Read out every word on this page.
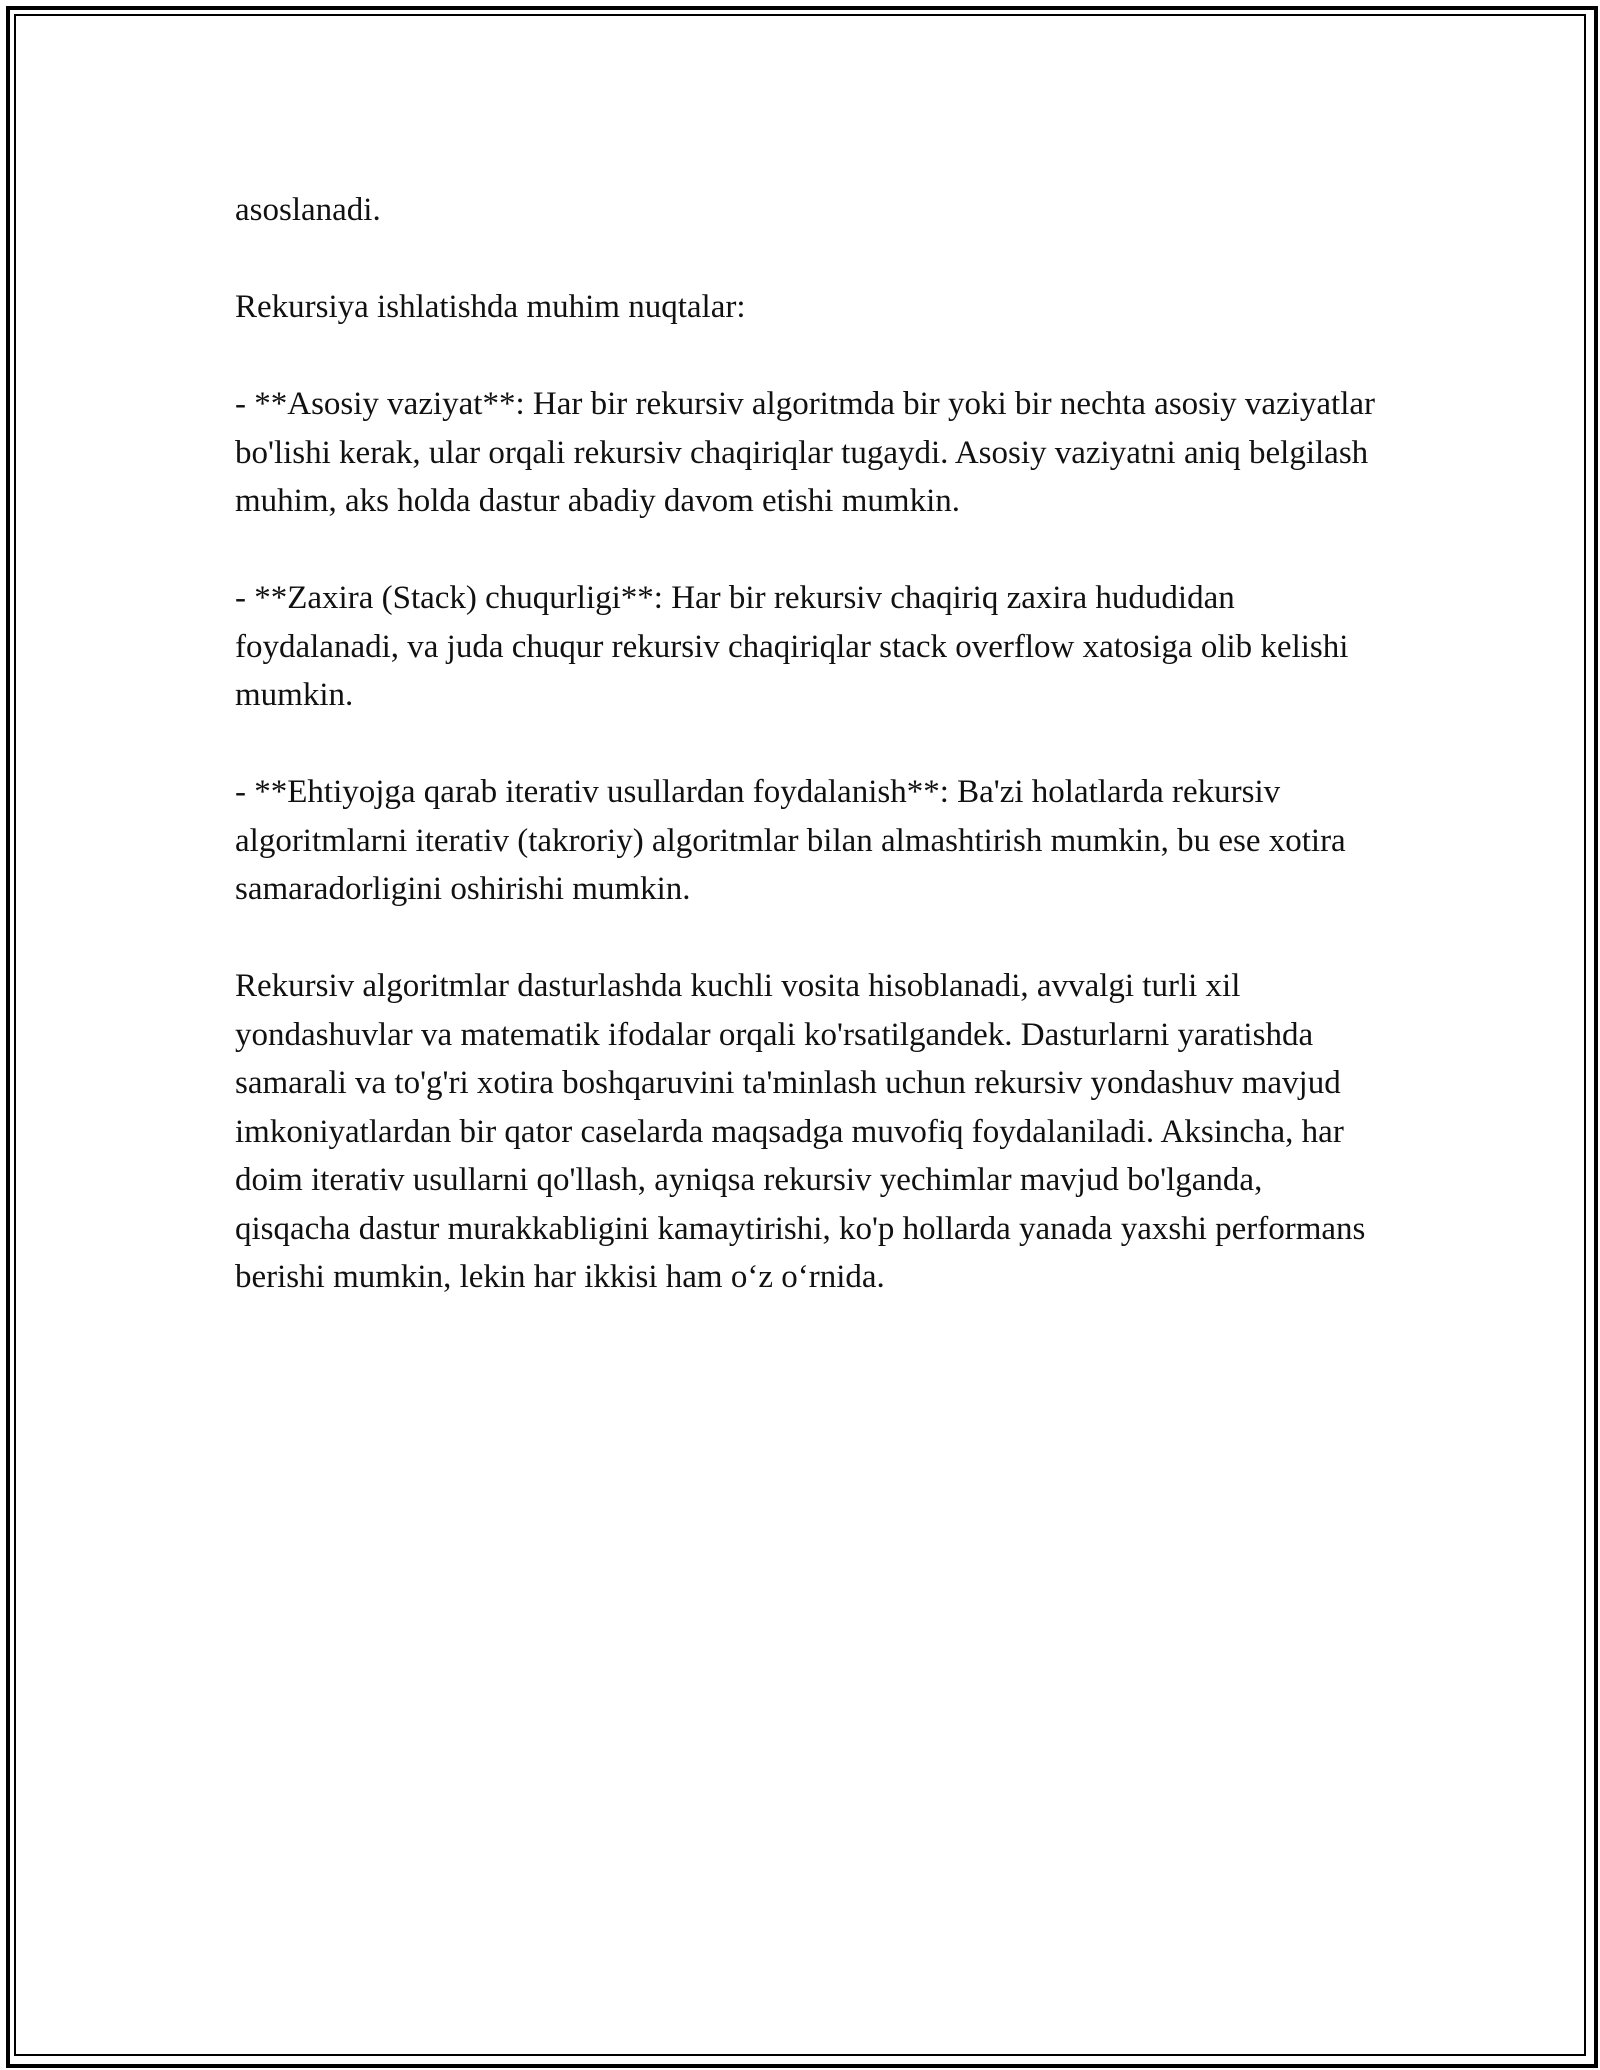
asoslanadi.

Rekursiya ishlatishda muhim nuqtalar:

- **Asosiy vaziyat**: Har bir rekursiv algoritmda bir yoki bir nechta asosiy vaziyatlar bo'lishi kerak, ular orqali rekursiv chaqiriqlar tugaydi. Asosiy vaziyatni aniq belgilash muhim, aks holda dastur abadiy davom etishi mumkin.

- **Zaxira (Stack) chuqurligi**: Har bir rekursiv chaqiriq zaxira hududidan foydalanadi, va juda chuqur rekursiv chaqiriqlar stack overflow xatosiga olib kelishi mumkin.

- **Ehtiyojga qarab iterativ usullardan foydalanish**: Ba'zi holatlarda rekursiv algoritmlarni iterativ (takroriy) algoritmlar bilan almashtirish mumkin, bu ese xotira samaradorligini oshirishi mumkin.

Rekursiv algoritmlar dasturlashda kuchli vosita hisoblanadi, avvalgi turli xil yondashuvlar va matematik ifodalar orqali ko'rsatilgandek. Dasturlarni yaratishda samarali va to'g'ri xotira boshqaruvini ta'minlash uchun rekursiv yondashuv mavjud imkoniyatlardan bir qator caselarda maqsadga muvofiq foydalaniladi. Aksincha, har doim iterativ usullarni qo'llash, ayniqsa rekursiv yechimlar mavjud bo'lganda, qisqacha dastur murakkabligini kamaytirishi, ko'p hollarda yanada yaxshi performans berishi mumkin, lekin har ikkisi ham oʻz oʻrnida.
